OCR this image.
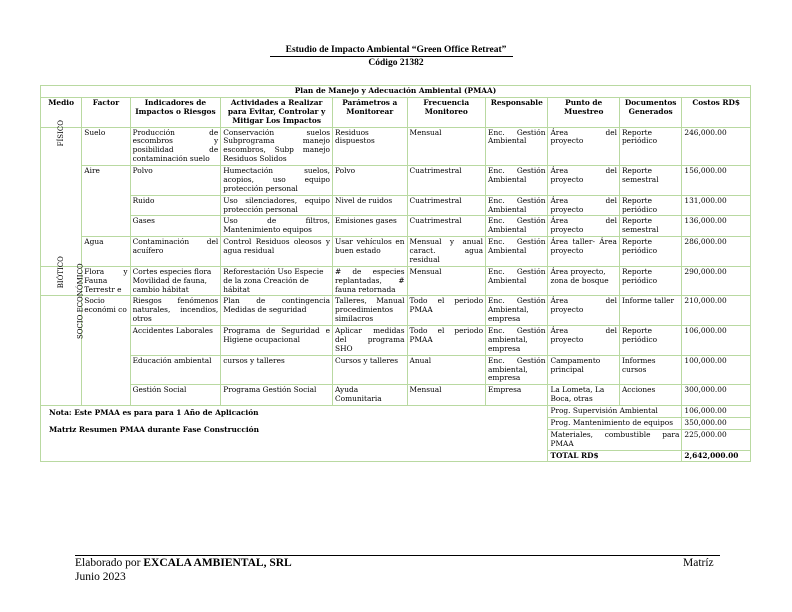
Estudio de Impacto Ambiental “Green Office Retreat”
Código 21382
Plan de Manejo y Adecuación Ambiental (PMAA)									
Medio	Factor	Indicadores de Impactos o Riesgos	Actividades a Realizar para Evitar, Controlar y Mitigar Los Impactos	Parámetros a Monitorear	Frecuencia Monitoreo	Responsable	Punto de Muestreo	Documentos Generados	Costos RD$
FÍSICO	Suelo	Producción de escombros y posibilidad de contaminación suelo	Conservación suelos Subprograma manejo escombros, Subp manejo Residuos Solidos	Residuos dispuestos	Mensual	Enc. Gestión Ambiental	Área del proyecto	Reporte periódico	246,000.00
	Aire	Polvo	Humectación suelos, acopios, uso equipo protección personal	Polvo	Cuatrimestral	Enc. Gestión Ambiental	Área del proyecto	Reporte semestral	156,000.00
		Ruido	Uso silenciadores, equipo protección personal	Nivel de ruidos	Cuatrimestral	Enc. Gestión Ambiental	Área del proyecto	Reporte periódico	131,000.00
		Gases	Uso de filtros, Mantenimiento equipos	Emisiones gases	Cuatrimestral	Enc. Gestión Ambiental	Área del proyecto	Reporte semestral	136,000.00
	Agua	Contaminación del acuífero	Control Residuos oleosos y agua residual	Usar vehículos en buen estado	Mensual y anual caract. agua residual	Enc. Gestión Ambiental	Área taller- Área proyecto	Reporte periódico	286,000.00
BIÓTICO	Flora y Fauna Terrestr e	Cortes especies flora Movilidad de fauna, cambio hábitat	Reforestación Uso Especie de la zona Creación de hábitat	# de especies replantadas, # fauna retornada	Mensual	Enc. Gestión Ambiental	Área proyecto, zona de bosque	Reporte periódico	290,000.00
SOCIO ECONÓMICO	Socio económi co	Riesgos fenómenos naturales, incendios, otros	Plan de contingencia Medidas de seguridad	Talleres, Manual procedimientos similacros	Todo el periodo PMAA	Enc. Gestión Ambiental, empresa	Área del proyecto	Informe taller	210,000.00
		Accidentes Laborales	Programa de Seguridad e Higiene ocupacional	Aplicar medidas del programa SHO	Todo el periodo PMAA	Enc. Gestión ambiental, empresa	Área del proyecto	Reporte periódico	106,000.00
		Educación ambiental	cursos y talleres	Cursos y talleres	Anual	Enc. Gestión ambiental, empresa	Campamento principal	Informes cursos	100,000.00
		Gestión Social	Programa Gestión Social	Ayuda Comunitaria	Mensual	Empresa	La Lometa, La Boca, otras	Acciones	300,000.00

Nota: Este PMAA es para para 1 Año de Aplicación
Matriz Resumen PMAA durante Fase Construcción							Prog. Supervisión Ambiental		106,000.00
							Prog. Mantenimiento de equipos		350,000.00
							Materiales, combustible para PMAA		225,000.00
							TOTAL RD$		2,642,000.00
Elaborado por EXCALA AMBIENTAL, SRL
Junio 2023
Matríz
